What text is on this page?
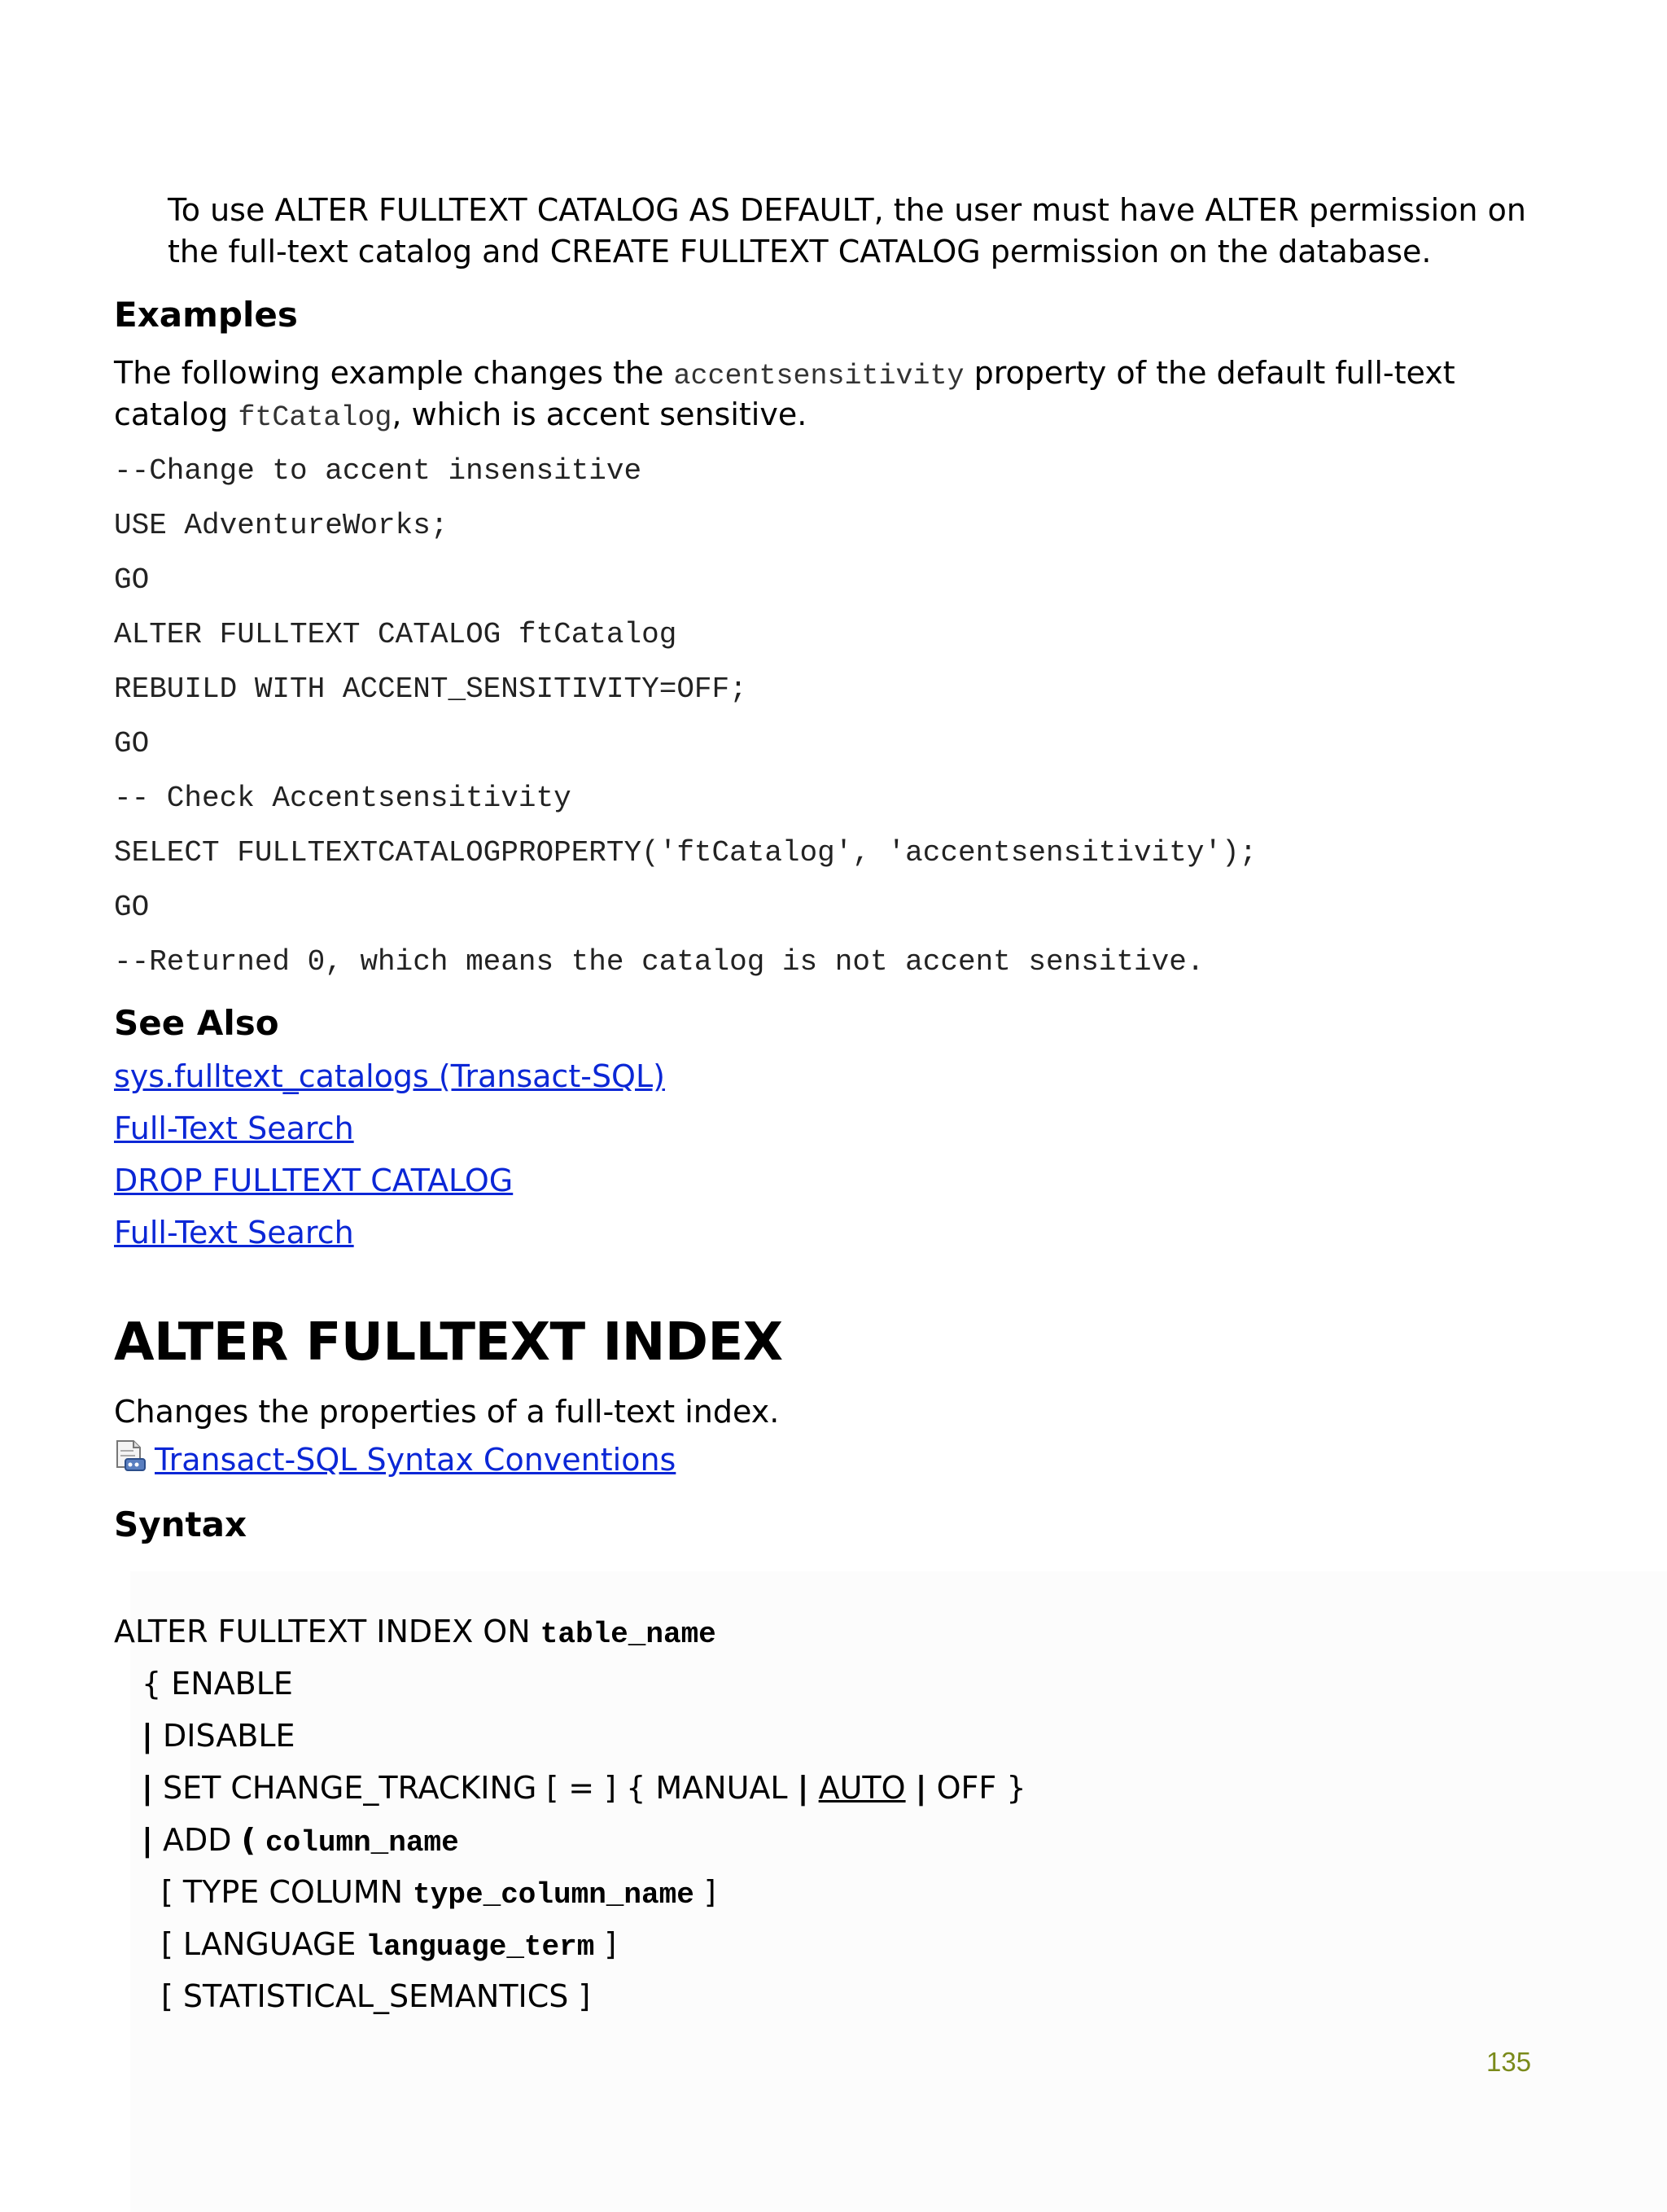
To use ALTER FULLTEXT CATALOG AS DEFAULT, the user must have ALTER permission on
the full-text catalog and CREATE FULLTEXT CATALOG permission on the database.
Examples
The following example changes the accentsensitivity property of the default full-text
catalog ftCatalog, which is accent sensitive.
--Change to accent insensitive
USE AdventureWorks;
GO
ALTER FULLTEXT CATALOG ftCatalog
REBUILD WITH ACCENT_SENSITIVITY=OFF;
GO
-- Check Accentsensitivity
SELECT FULLTEXTCATALOGPROPERTY('ftCatalog', 'accentsensitivity');
GO
--Returned 0, which means the catalog is not accent sensitive.
See Also
sys.fulltext_catalogs (Transact-SQL)
Full-Text Search
DROP FULLTEXT CATALOG
Full-Text Search
ALTER FULLTEXT INDEX
Changes the properties of a full-text index.
Transact-SQL Syntax Conventions
Syntax
ALTER FULLTEXT INDEX ON table_name
{ ENABLE
| DISABLE
| SET CHANGE_TRACKING [ = ] { MANUAL | AUTO | OFF }
| ADD ( column_name
[ TYPE COLUMN type_column_name ]
[ LANGUAGE language_term ]
[ STATISTICAL_SEMANTICS ]
135
